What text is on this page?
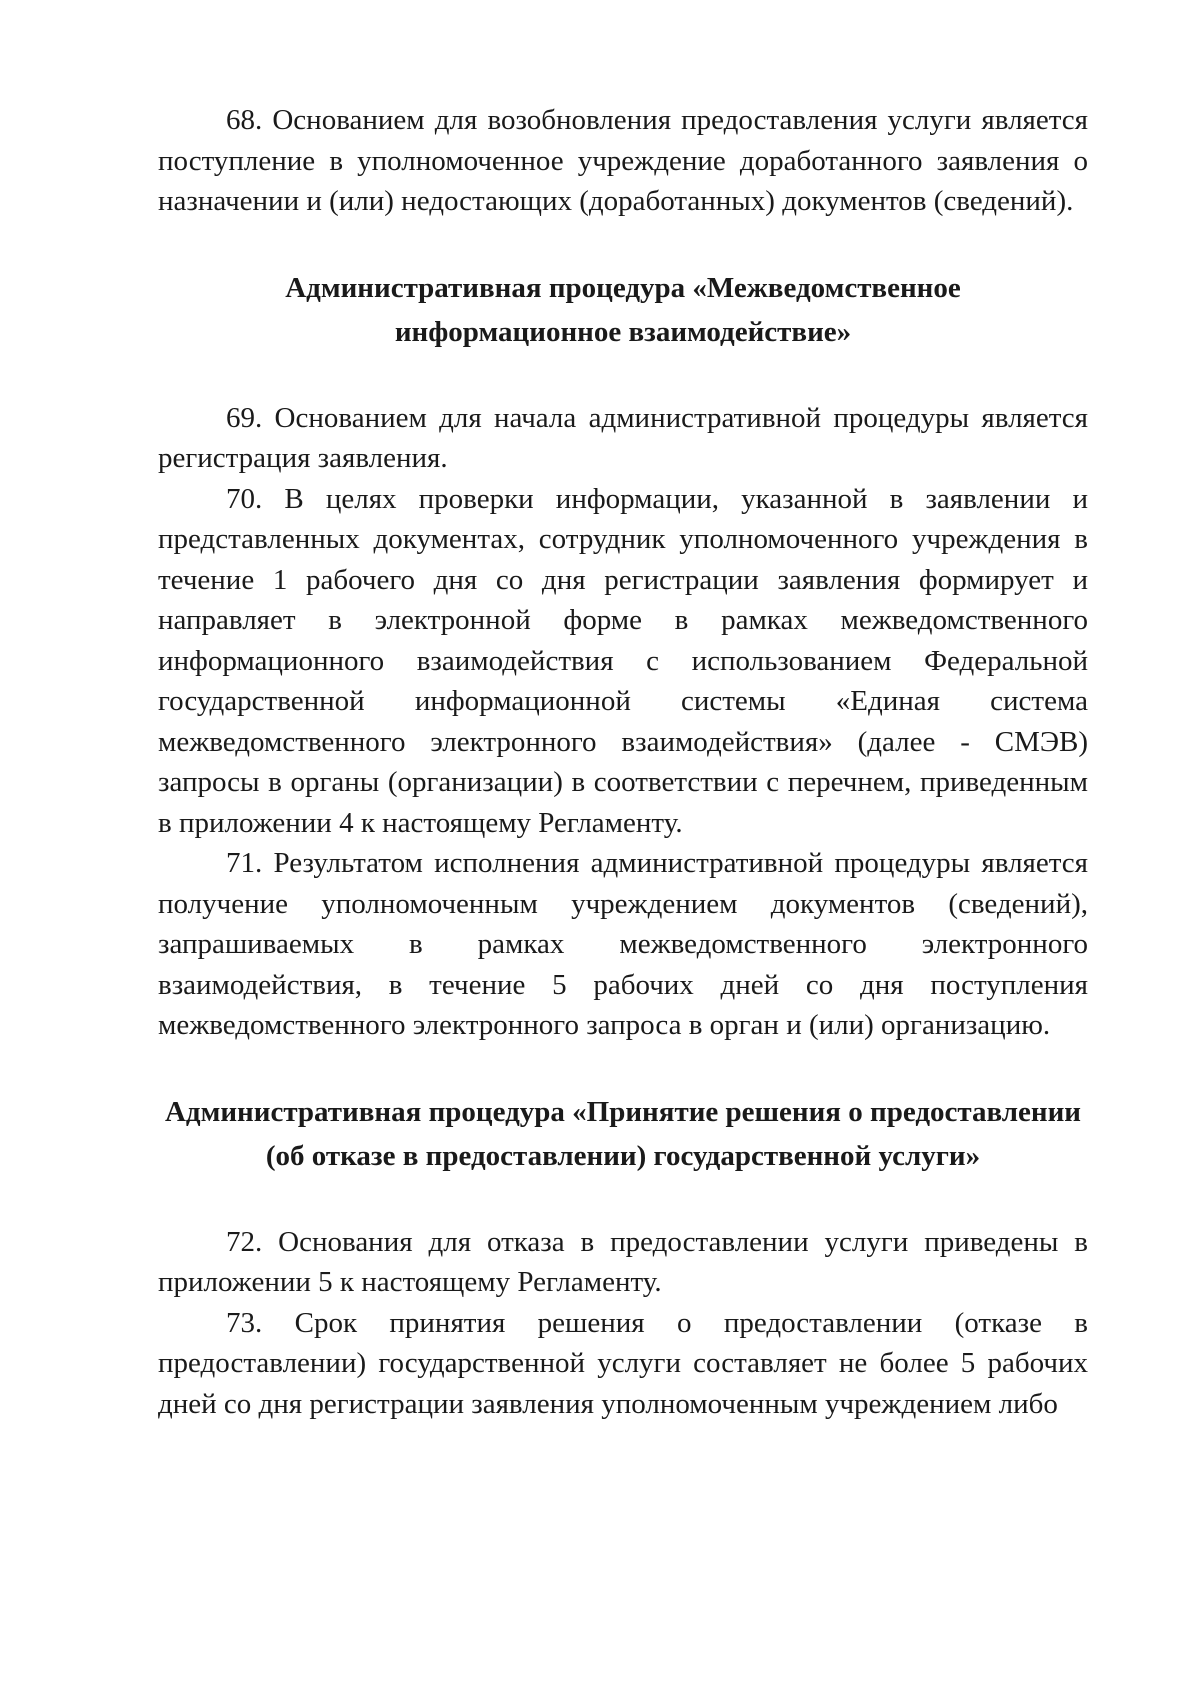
68. Основанием для возобновления предоставления услуги является поступление в уполномоченное учреждение доработанного заявления о назначении и (или) недостающих (доработанных) документов (сведений).

Административная процедура «Межведомственное информационное взаимодействие»

69. Основанием для начала административной процедуры является регистрация заявления.

70. В целях проверки информации, указанной в заявлении и представленных документах, сотрудник уполномоченного учреждения в течение 1 рабочего дня со дня регистрации заявления формирует и направляет в электронной форме в рамках межведомственного информационного взаимодействия с использованием Федеральной государственной информационной системы «Единая система межведомственного электронного взаимодействия» (далее - СМЭВ) запросы в органы (организации) в соответствии с перечнем, приведенным в приложении 4 к настоящему Регламенту.

71. Результатом исполнения административной процедуры является получение уполномоченным учреждением документов (сведений), запрашиваемых в рамках межведомственного электронного взаимодействия, в течение 5 рабочих дней со дня поступления межведомственного электронного запроса в орган и (или) организацию.

Административная процедура «Принятие решения о предоставлении (об отказе в предоставлении) государственной услуги»

72. Основания для отказа в предоставлении услуги приведены в приложении 5 к настоящему Регламенту.

73. Срок принятия решения о предоставлении (отказе в предоставлении) государственной услуги составляет не более 5 рабочих дней со дня регистрации заявления уполномоченным учреждением либо
